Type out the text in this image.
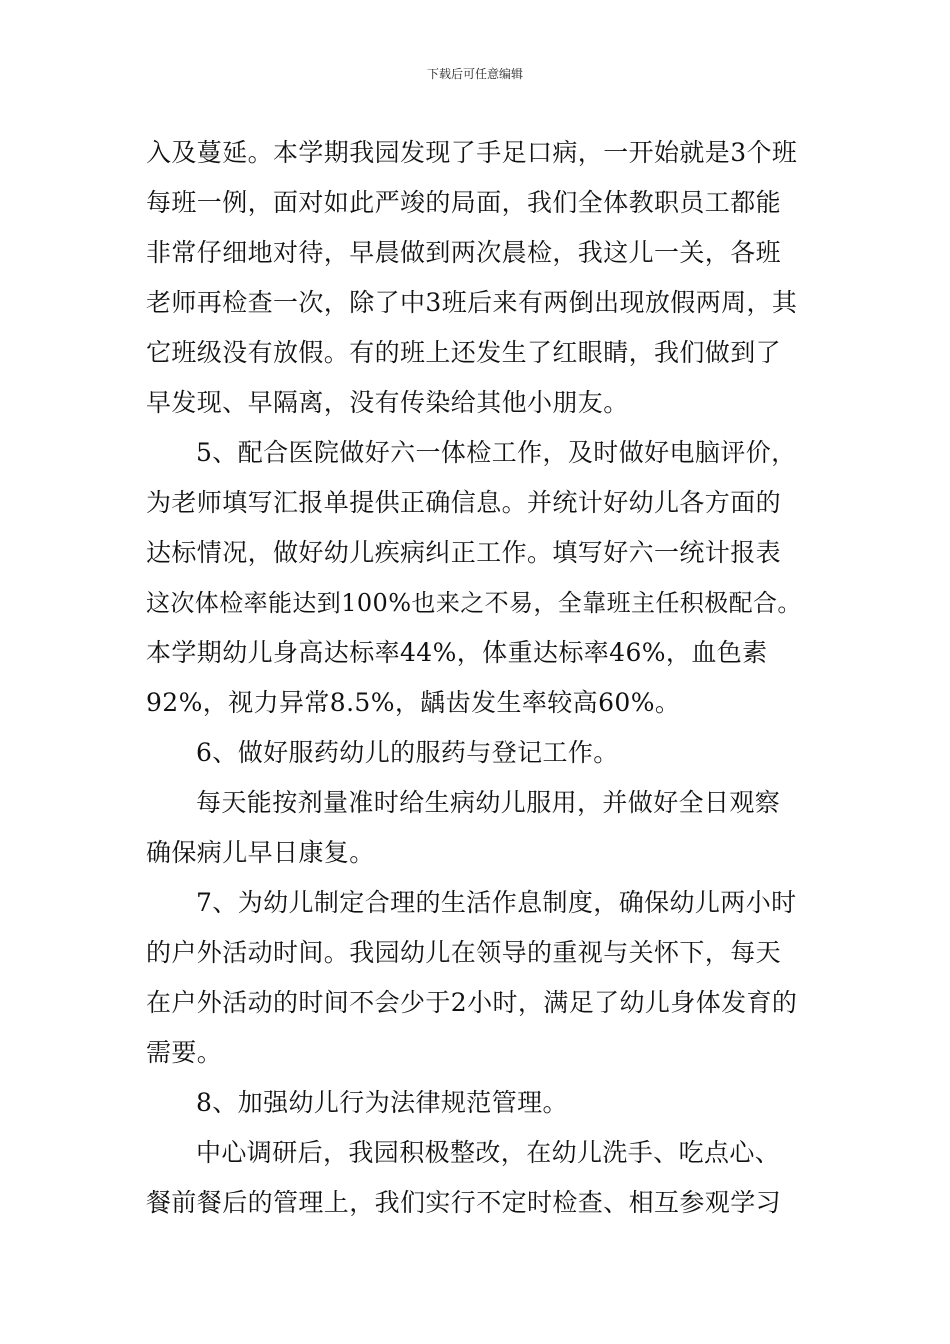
下载后可任意编辑
入及蔓延。本学期我园发现了手足口病，一开始就是3个班
每班一例，面对如此严竣的局面，我们全体教职员工都能
非常仔细地对待，早晨做到两次晨检，我这儿一关，各班
老师再检查一次，除了中3班后来有两倒出现放假两周，其
它班级没有放假。有的班上还发生了红眼睛，我们做到了
早发现、早隔离，没有传染给其他小朋友。
5、配合医院做好六一体检工作，及时做好电脑评价，
为老师填写汇报单提供正确信息。并统计好幼儿各方面的
达标情况，做好幼儿疾病纠正工作。填写好六一统计报表
这次体检率能达到100%也来之不易，全靠班主任积极配合。
本学期幼儿身高达标率44%，体重达标率46%，血色素
92%，视力异常8.5%，龋齿发生率较高60%。
6、做好服药幼儿的服药与登记工作。
每天能按剂量准时给生病幼儿服用，并做好全日观察
确保病儿早日康复。
7、为幼儿制定合理的生活作息制度，确保幼儿两小时
的户外活动时间。我园幼儿在领导的重视与关怀下，每天
在户外活动的时间不会少于2小时，满足了幼儿身体发育的
需要。
8、加强幼儿行为法律规范管理。
中心调研后，我园积极整改，在幼儿洗手、吃点心、
餐前餐后的管理上，我们实行不定时检查、相互参观学习
